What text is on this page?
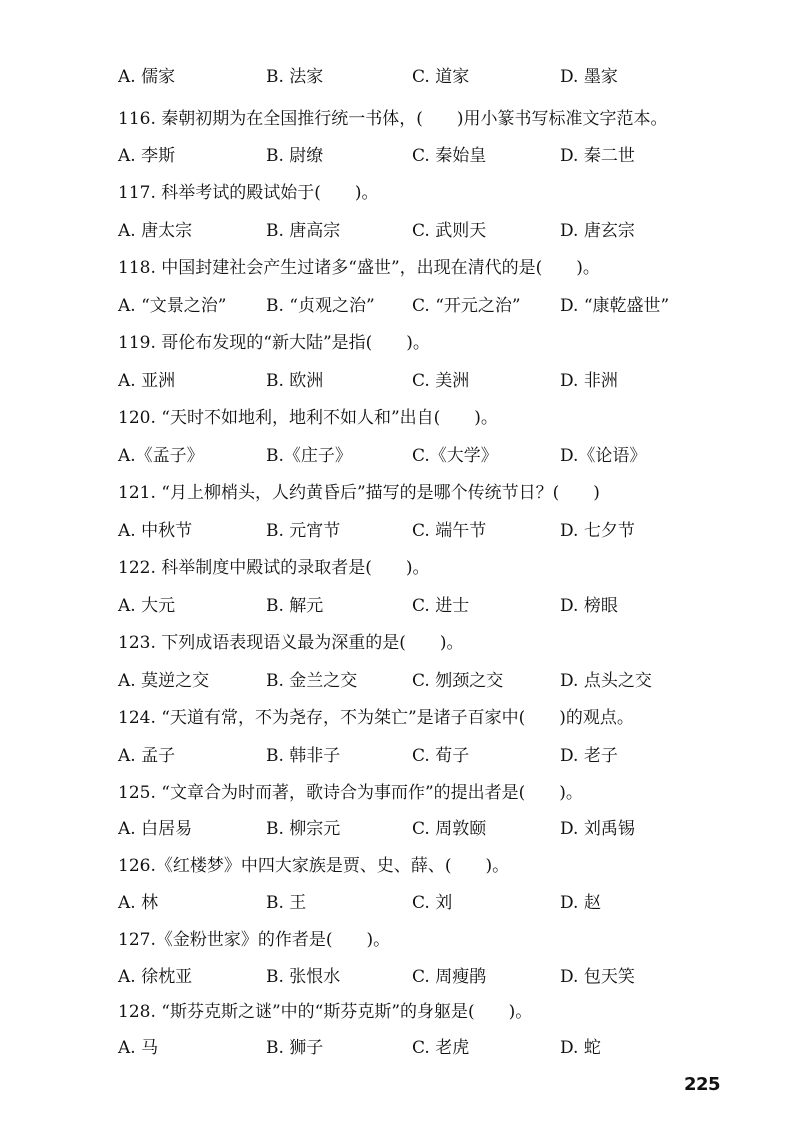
A. 儒家	B. 法家	C. 道家	D. 墨家
116. 秦朝初期为在全国推行统一书体，(　　)用小篆书写标准文字范本。
A. 李斯	B. 尉缭	C. 秦始皇	D. 秦二世
117. 科举考试的殿试始于(　　)。
A. 唐太宗	B. 唐高宗	C. 武则天	D. 唐玄宗
118. 中国封建社会产生过诸多“盛世”，出现在清代的是(　　)。
A. “文景之治” B. “贞观之治” C. “开元之治” D. “康乾盛世”
119. 哥伦布发现的“新大陆”是指(　　)。
A. 亚洲	B. 欧洲	C. 美洲	D. 非洲
120. “天时不如地利，地利不如人和”出自(　　)。
A.《孟子》	B.《庄子》	C.《大学》	D.《论语》
121. “月上柳梢头，人约黄昏后”描写的是哪个传统节日？(　　)
A. 中秋节	B. 元宵节	C. 端午节	D. 七夕节
122. 科举制度中殿试的录取者是(　　)。
A. 大元	B. 解元	C. 进士	D. 榜眼
123. 下列成语表现语义最为深重的是(　　)。
A. 莫逆之交	B. 金兰之交	C. 刎颈之交	D. 点头之交
124. “天道有常，不为尧存，不为桀亡”是诸子百家中(　　)的观点。
A. 孟子	B. 韩非子	C. 荀子	D. 老子
125. “文章合为时而著，歌诗合为事而作”的提出者是(　　)。
A. 白居易	B. 柳宗元	C. 周敦颐	D. 刘禹锡
126.《红楼梦》中四大家族是贾、史、薛、(　　)。
A. 林	B. 王	C. 刘	D. 赵
127.《金粉世家》的作者是(　　)。
A. 徐枕亚	B. 张恨水	C. 周瘦鹃	D. 包天笑
128. “斯芬克斯之谜”中的“斯芬克斯”的身躯是(　　)。
A. 马	B. 狮子	C. 老虎	D. 蛇
225
